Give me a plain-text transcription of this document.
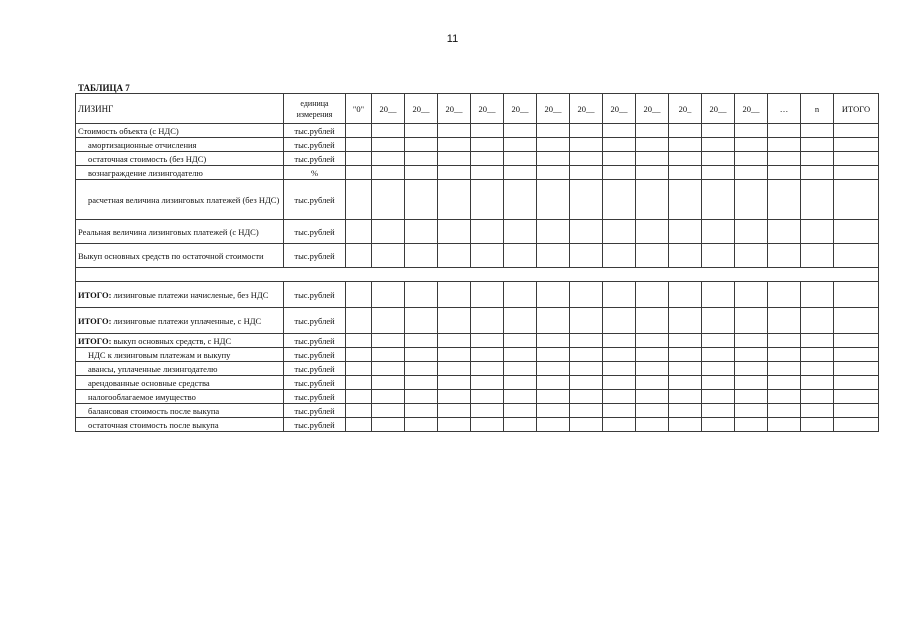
11
ТАБЛИЦА 7
ЛИЗИНГ	единица измерения	"0"	20__	20__	20__	20__	20__	20__	20__	20__	20__	20_	20__	20__	…	n	ИТОГО
Стоимость объекта (с НДС)	тыс.рублей																
амортизационные отчисления	тыс.рублей																
остаточная стоимость (без НДС)	тыс.рублей																
вознаграждение лизингодателю	%																
расчетная величина лизинговых платежей (без НДС)	тыс.рублей																
Реальная величина лизинговых платежей (с НДС)	тыс.рублей																
Выкуп основных средств по остаточной стоимости	тыс.рублей																

ИТОГО: лизинговые платежи начисленые, без НДС	тыс.рублей																
ИТОГО: лизинговые платежи уплаченные, с НДС	тыс.рублей																
ИТОГО: выкуп основных средств, с НДС	тыс.рублей																
НДС к лизинговым платежам и выкупу	тыс.рублей																
авансы, уплаченные лизингодателю	тыс.рублей																
арендованные основные средства	тыс.рублей																
налогооблагаемое имущество	тыс.рублей																
балансовая стоимость после выкупа	тыс.рублей																
остаточная стоимость после выкупа	тыс.рублей																
